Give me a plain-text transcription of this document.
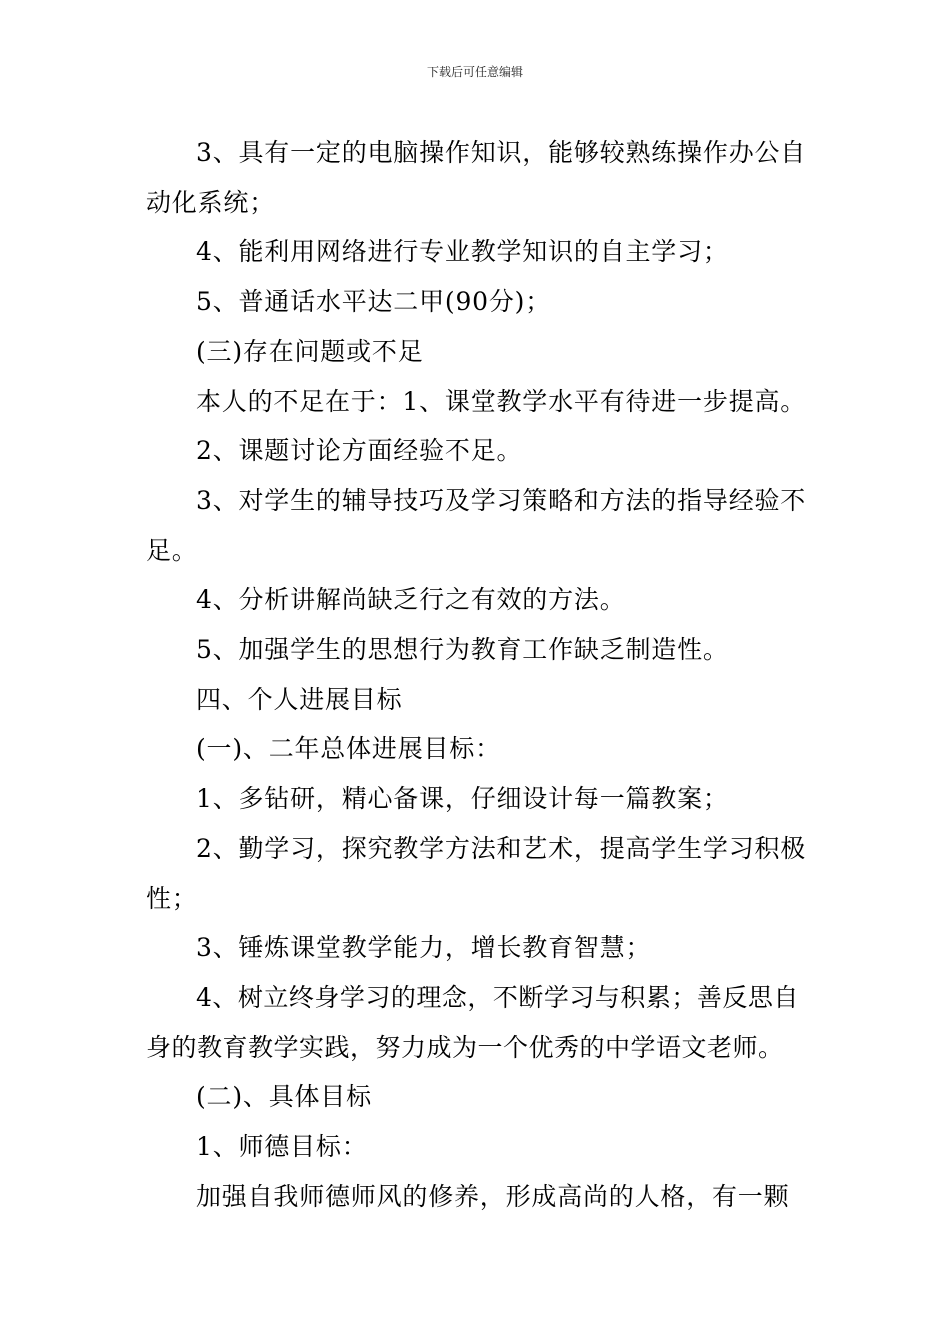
下载后可任意编辑

3、具有一定的电脑操作知识，能够较熟练操作办公自动化系统；

4、能利用网络进行专业教学知识的自主学习；

5、普通话水平达二甲(90分)；

(三)存在问题或不足

本人的不足在于：1、课堂教学水平有待进一步提高。

2、课题讨论方面经验不足。

3、对学生的辅导技巧及学习策略和方法的指导经验不足。

4、分析讲解尚缺乏行之有效的方法。

5、加强学生的思想行为教育工作缺乏制造性。

四、个人进展目标

(一)、二年总体进展目标：

1、多钻研，精心备课，仔细设计每一篇教案；

2、勤学习，探究教学方法和艺术，提高学生学习积极性；

3、锤炼课堂教学能力，增长教育智慧；

4、树立终身学习的理念，不断学习与积累；善反思自身的教育教学实践，努力成为一个优秀的中学语文老师。

(二)、具体目标

1、师德目标：

加强自我师德师风的修养，形成高尚的人格，有一颗
